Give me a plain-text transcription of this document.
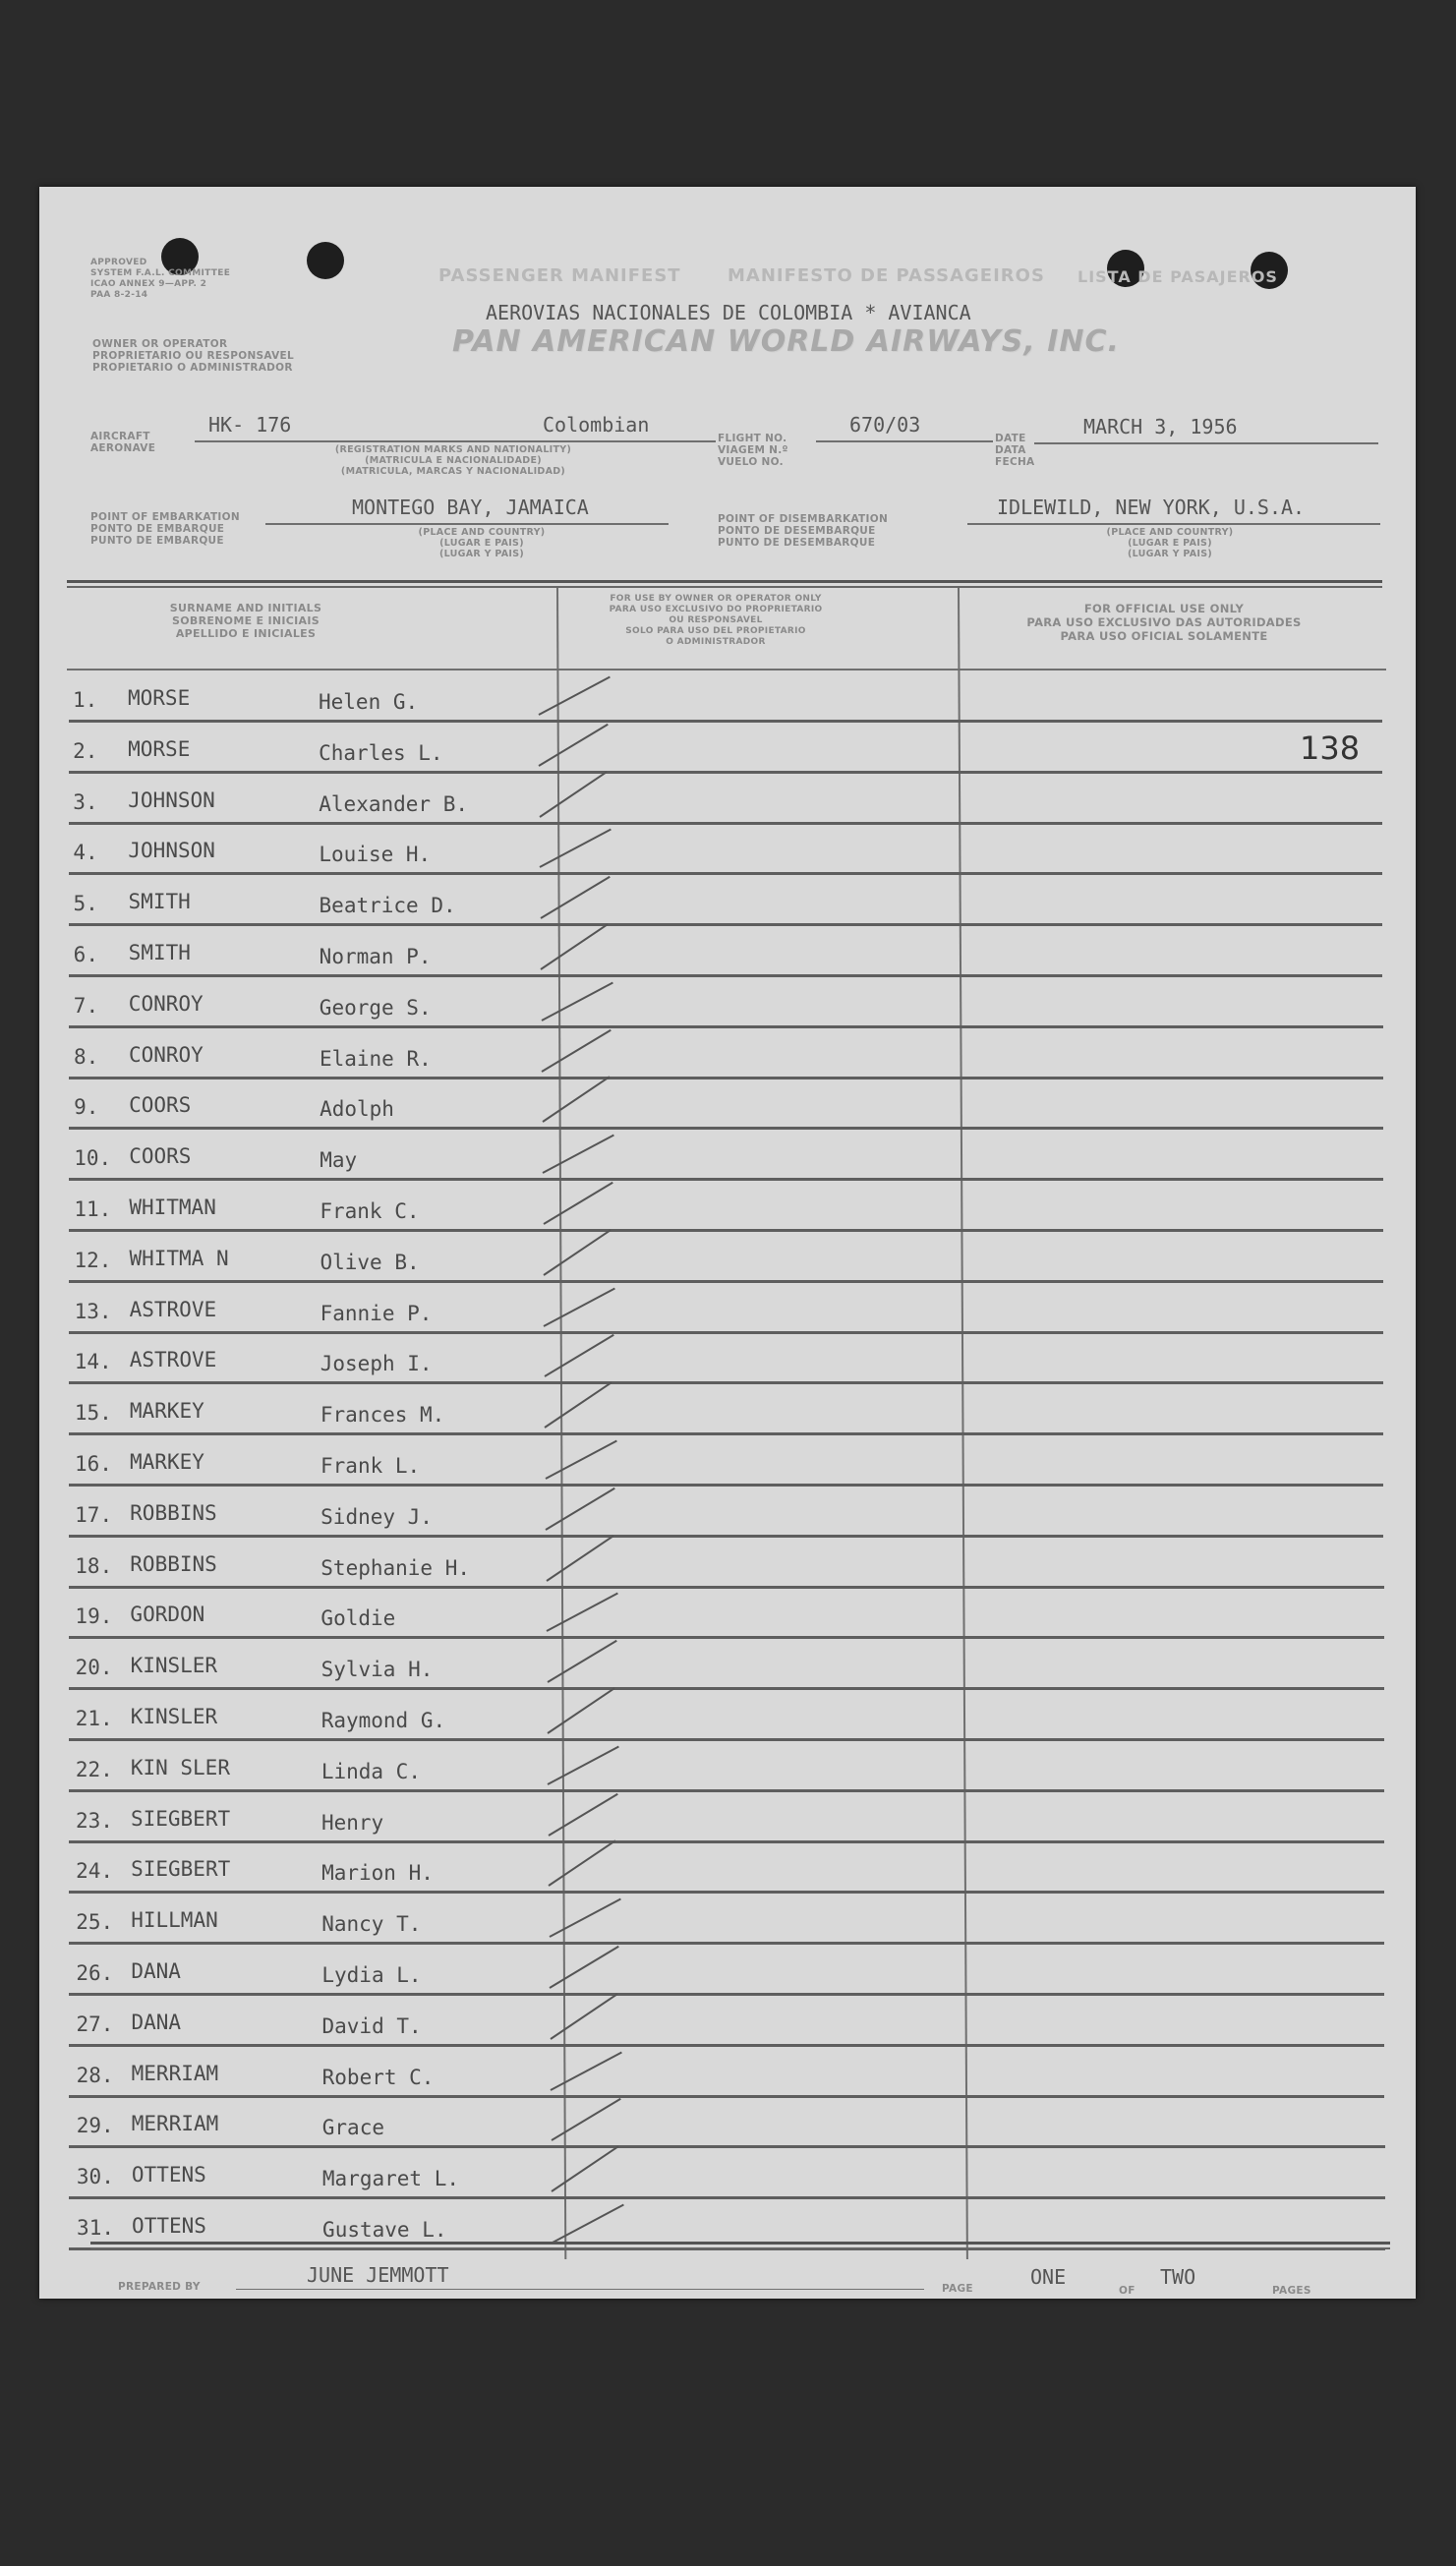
APPROVED
SYSTEM F.A.L. COMMITTEE
ICAO ANNEX 9—APP. 2
PAA 8-2-14
PASSENGER MANIFEST	MANIFESTO DE PASSAGEIROS LISTA DE PASAJEROS
AEROVIAS NACIONALES DE COLOMBIA * AVIANCA
PAN AMERICAN WORLD AIRWAYS, INC.
OWNER OR OPERATOR
PROPRIETARIO OU RESPONSAVEL
PROPIETARIO O ADMINISTRADOR
AIRCRAFT
AERONAVE
HK- 176	Colombian
(REGISTRATION MARKS AND NATIONALITY)
(MATRICULA E NACIONALIDADE)
(MATRICULA, MARCAS Y NACIONALIDAD)
FLIGHT NO.
VIAGEM N.º
VUELO NO.
670/03
DATE
DATA
FECHA
MARCH 3, 1956
POINT OF EMBARKATION
PONTO DE EMBARQUE
PUNTO DE EMBARQUE
MONTEGO BAY, JAMAICA
(PLACE AND COUNTRY)
(LUGAR E PAIS)
(LUGAR Y PAIS)
POINT OF DISEMBARKATION
PONTO DE DESEMBARQUE
PUNTO DE DESEMBARQUE
IDLEWILD, NEW YORK, U.S.A.
(PLACE AND COUNTRY)
(LUGAR E PAIS)
(LUGAR Y PAIS)
SURNAME AND INITIALS
SOBRENOME E INICIAIS
APELLIDO E INICIALES
FOR USE BY OWNER OR OPERATOR ONLY
PARA USO EXCLUSIVO DO PROPRIETARIO
OU RESPONSAVEL
SOLO PARA USO DEL PROPIETARIO
O ADMINISTRADOR
FOR OFFICIAL USE ONLY
PARA USO EXCLUSIVO DAS AUTORIDADES
PARA USO OFICIAL SOLAMENTE
1. MORSE	Helen G.
2. MORSE	Charles L.
3. JOHNSON	Alexander B.
4. JOHNSON	Louise H.
5. SMITH	Beatrice D.
6. SMITH	Norman P.
7. CONROY	George S.
8. CONROY	Elaine R.
9. COORS	Adolph
10. COORS	May
11. WHITMAN	Frank C.
12. WHITMA N	Olive B.
13. ASTROVE	Fannie P.
14. ASTROVE	Joseph I.
15. MARKEY	Frances M.
16. MARKEY	Frank L.
17. ROBBINS	Sidney J.
18. ROBBINS	Stephanie H.
19. GORDON	Goldie
20. KINSLER	Sylvia H.
21. KINSLER	Raymond G.
22. KIN SLER	Linda C.
23. SIEGBERT	Henry
24. SIEGBERT	Marion H.
25. HILLMAN	Nancy T.
26. DANA	Lydia L.
27. DANA	David T.
28. MERRIAM	Robert C.
29. MERRIAM	Grace
30. OTTENS	Margaret L.
31. OTTENS	Gustave L.
138
PREPARED BY	JUNE JEMMOTT
PAGE	ONE
OF
TWO
PAGES
